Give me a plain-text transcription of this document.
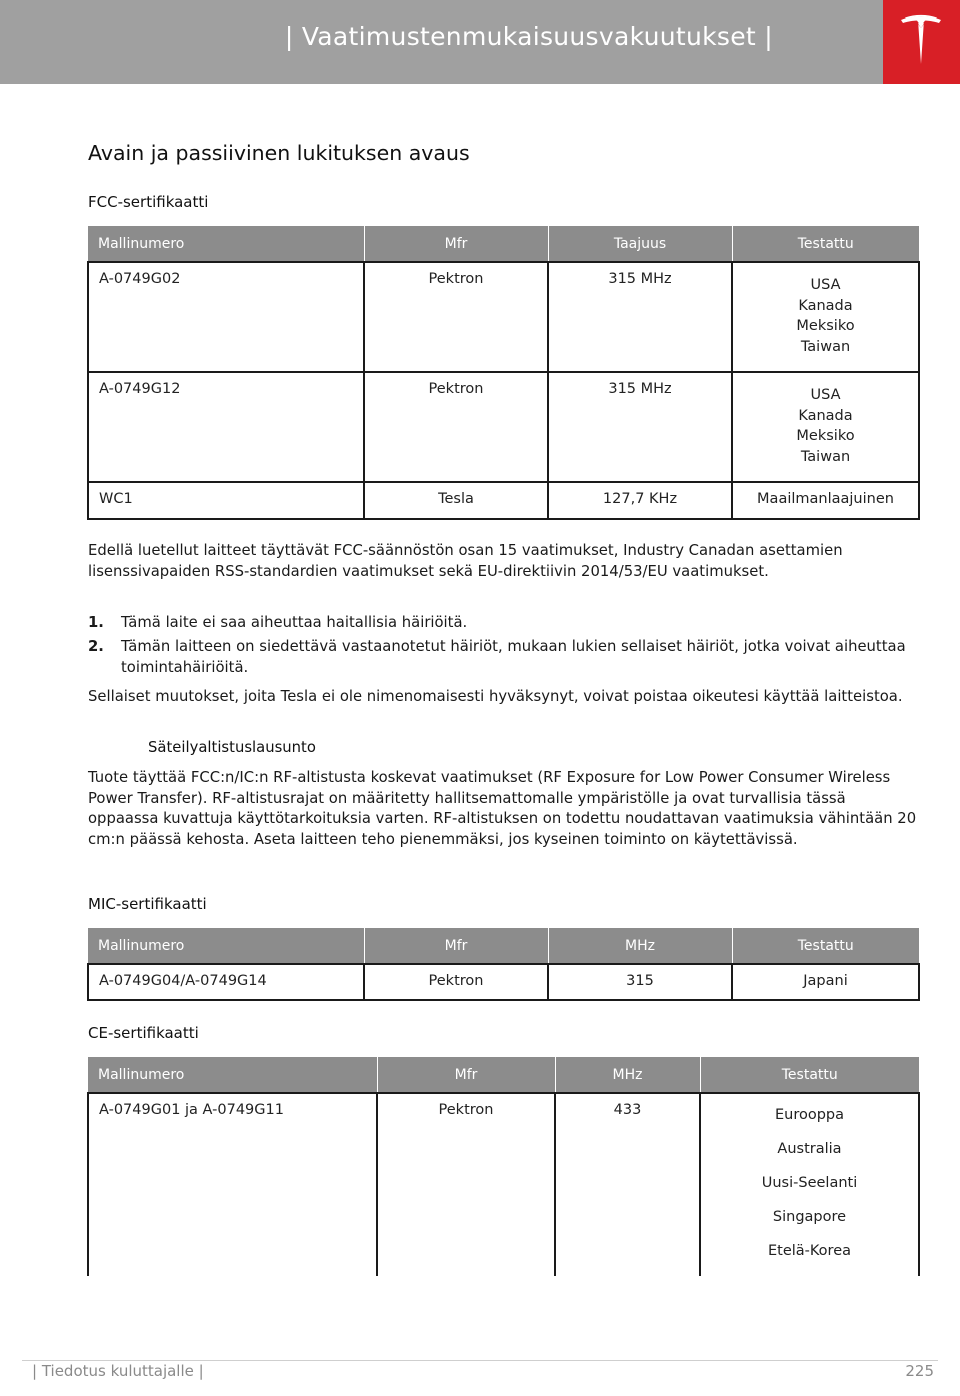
| Vaatimustenmukaisuusvakuutukset |
Avain ja passiivinen lukituksen avaus
FCC-sertifikaatti
Mallinumero	Mfr	Taajuus	Testattu
A-0749G02	Pektron	315 MHz	USA
Kanada
Meksiko
Taiwan

A-0749G12	Pektron	315 MHz	USA
Kanada
Meksiko
Taiwan

WC1	Tesla	127,7 KHz	Maailmanlaajuinen

Edellä luetellut laitteet täyttävät FCC-säännöstön osan 15 vaatimukset, Industry Canadan asettamien lisenssivapaiden RSS-standardien vaatimukset sekä EU-direktiivin 2014/53/EU vaatimukset.

1. Tämä laite ei saa aiheuttaa haitallisia häiriöitä.
2. Tämän laitteen on siedettävä vastaanotetut häiriöt, mukaan lukien sellaiset häiriöt, jotka voivat aiheuttaa toimintahäiriöitä.

Sellaiset muutokset, joita Tesla ei ole nimenomaisesti hyväksynyt, voivat poistaa oikeutesi käyttää laitteistoa.

Säteilyaltistuslausunto

Tuote täyttää FCC:n/IC:n RF-altistusta koskevat vaatimukset (RF Exposure for Low Power Consumer Wireless Power Transfer). RF-altistusrajat on määritetty hallitsemattomalle ympäristölle ja ovat turvallisia tässä oppaassa kuvattuja käyttötarkoituksia varten. RF-altistuksen on todettu noudattavan vaatimuksia vähintään 20 cm:n päässä kehosta. Aseta laitteen teho pienemmäksi, jos kyseinen toiminto on käytettävissä.

MIC-sertifikaatti
Mallinumero	Mfr	MHz	Testattu
A-0749G04/A-0749G14	Pektron	315	Japani
CE-sertifikaatti
Mallinumero	Mfr	MHz	Testattu
A-0749G01 ja A-0749G11	Pektron	433	Eurooppa
Australia
Uusi-Seelanti
Singapore
Etelä-Korea
| Tiedotus kuluttajalle |	225
